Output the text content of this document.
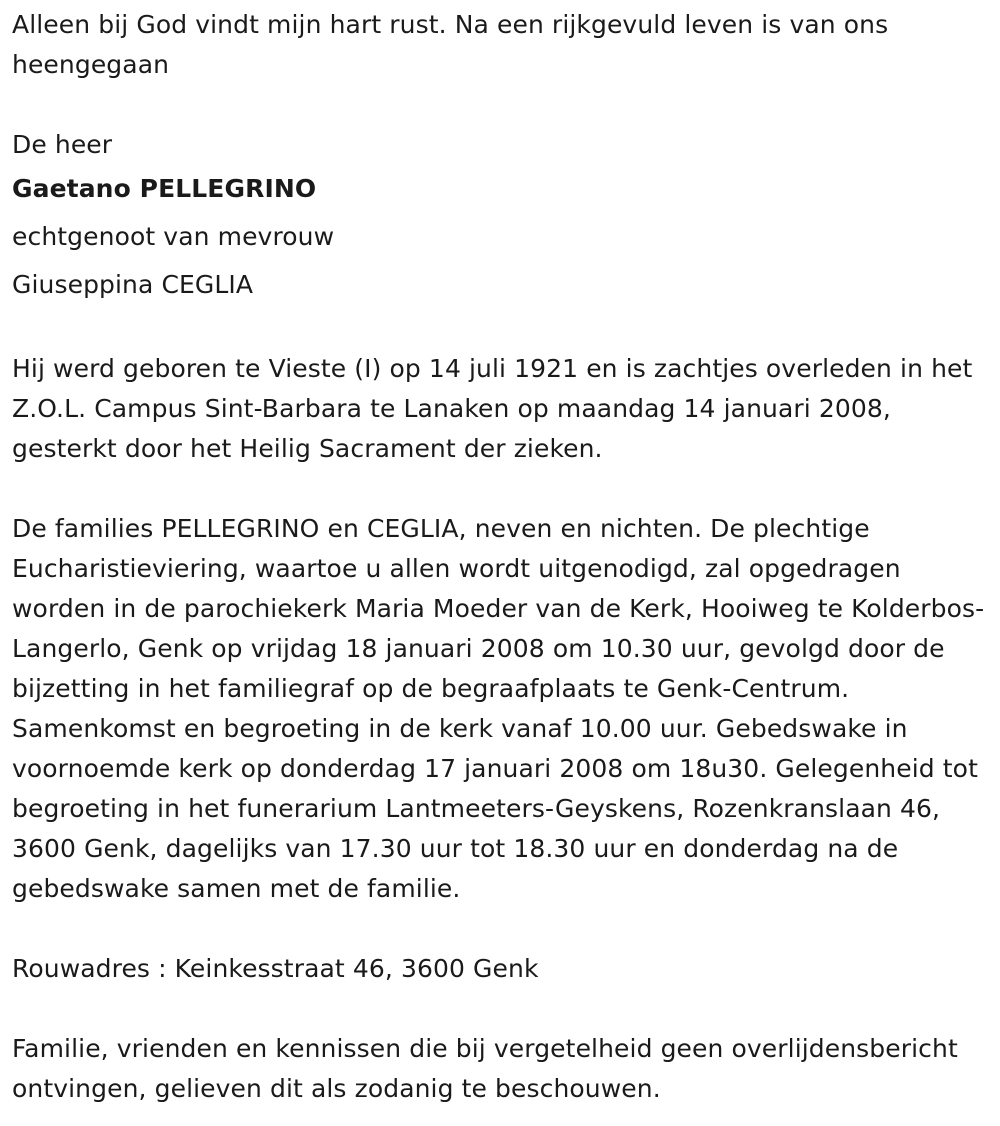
Alleen bij God vindt mijn hart rust. Na een rijkgevuld leven is van ons heengegaan

De heer
Gaetano PELLEGRINO
echtgenoot van mevrouw
Giuseppina CEGLIA

Hij werd geboren te Vieste (I) op 14 juli 1921 en is zachtjes overleden in het Z.O.L. Campus Sint-Barbara te Lanaken op maandag 14 januari 2008, gesterkt door het Heilig Sacrament der zieken.

De families PELLEGRINO en CEGLIA, neven en nichten. De plechtige Eucharistieviering, waartoe u allen wordt uitgenodigd, zal opgedragen worden in de parochiekerk Maria Moeder van de Kerk, Hooiweg te Kolderbos-Langerlo, Genk op vrijdag 18 januari 2008 om 10.30 uur, gevolgd door de bijzetting in het familiegraf op de begraafplaats te Genk-Centrum. Samenkomst en begroeting in de kerk vanaf 10.00 uur. Gebedswake in voornoemde kerk op donderdag 17 januari 2008 om 18u30. Gelegenheid tot begroeting in het funerarium Lantmeeters-Geyskens, Rozenkranslaan 46, 3600 Genk, dagelijks van 17.30 uur tot 18.30 uur en donderdag na de gebedswake samen met de familie.

Rouwadres : Keinkesstraat 46, 3600 Genk

Familie, vrienden en kennissen die bij vergetelheid geen overlijdensbericht ontvingen, gelieven dit als zodanig te beschouwen.
